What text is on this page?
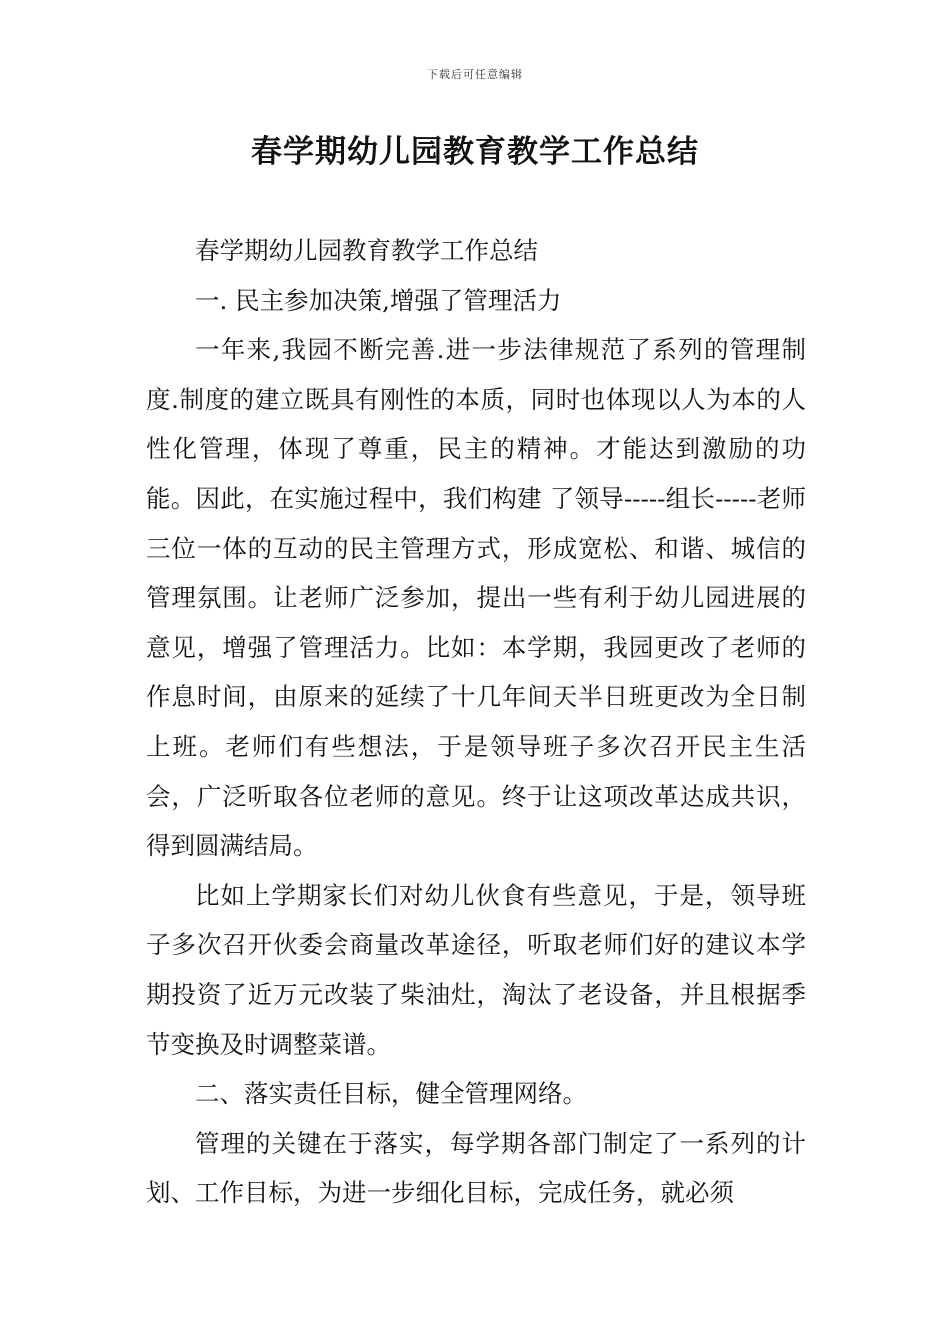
下载后可任意编辑
春学期幼儿园教育教学工作总结

春学期幼儿园教育教学工作总结

一. 民主参加决策,增强了管理活力

一年来,我园不断完善.进一步法律规范了系列的管理制度.制度的建立既具有刚性的本质，同时也体现以人为本的人性化管理，体现了尊重，民主的精神。才能达到激励的功能。因此，在实施过程中，我们构建 了领导-----组长-----老师三位一体的互动的民主管理方式，形成宽松、和谐、城信的管理氛围。让老师广泛参加，提出一些有利于幼儿园进展的意见，增强了管理活力。比如：本学期，我园更改了老师的作息时间，由原来的延续了十几年间天半日班更改为全日制上班。老师们有些想法，于是领导班子多次召开民主生活会，广泛听取各位老师的意见。终于让这项改革达成共识，得到圆满结局。

比如上学期家长们对幼儿伙食有些意见，于是，领导班子多次召开伙委会商量改革途径，听取老师们好的建议本学期投资了近万元改装了柴油灶，淘汰了老设备，并且根据季节变换及时调整菜谱。

二、落实责任目标，健全管理网络。

管理的关键在于落实，每学期各部门制定了一系列的计划、工作目标，为进一步细化目标，完成任务，就必须
